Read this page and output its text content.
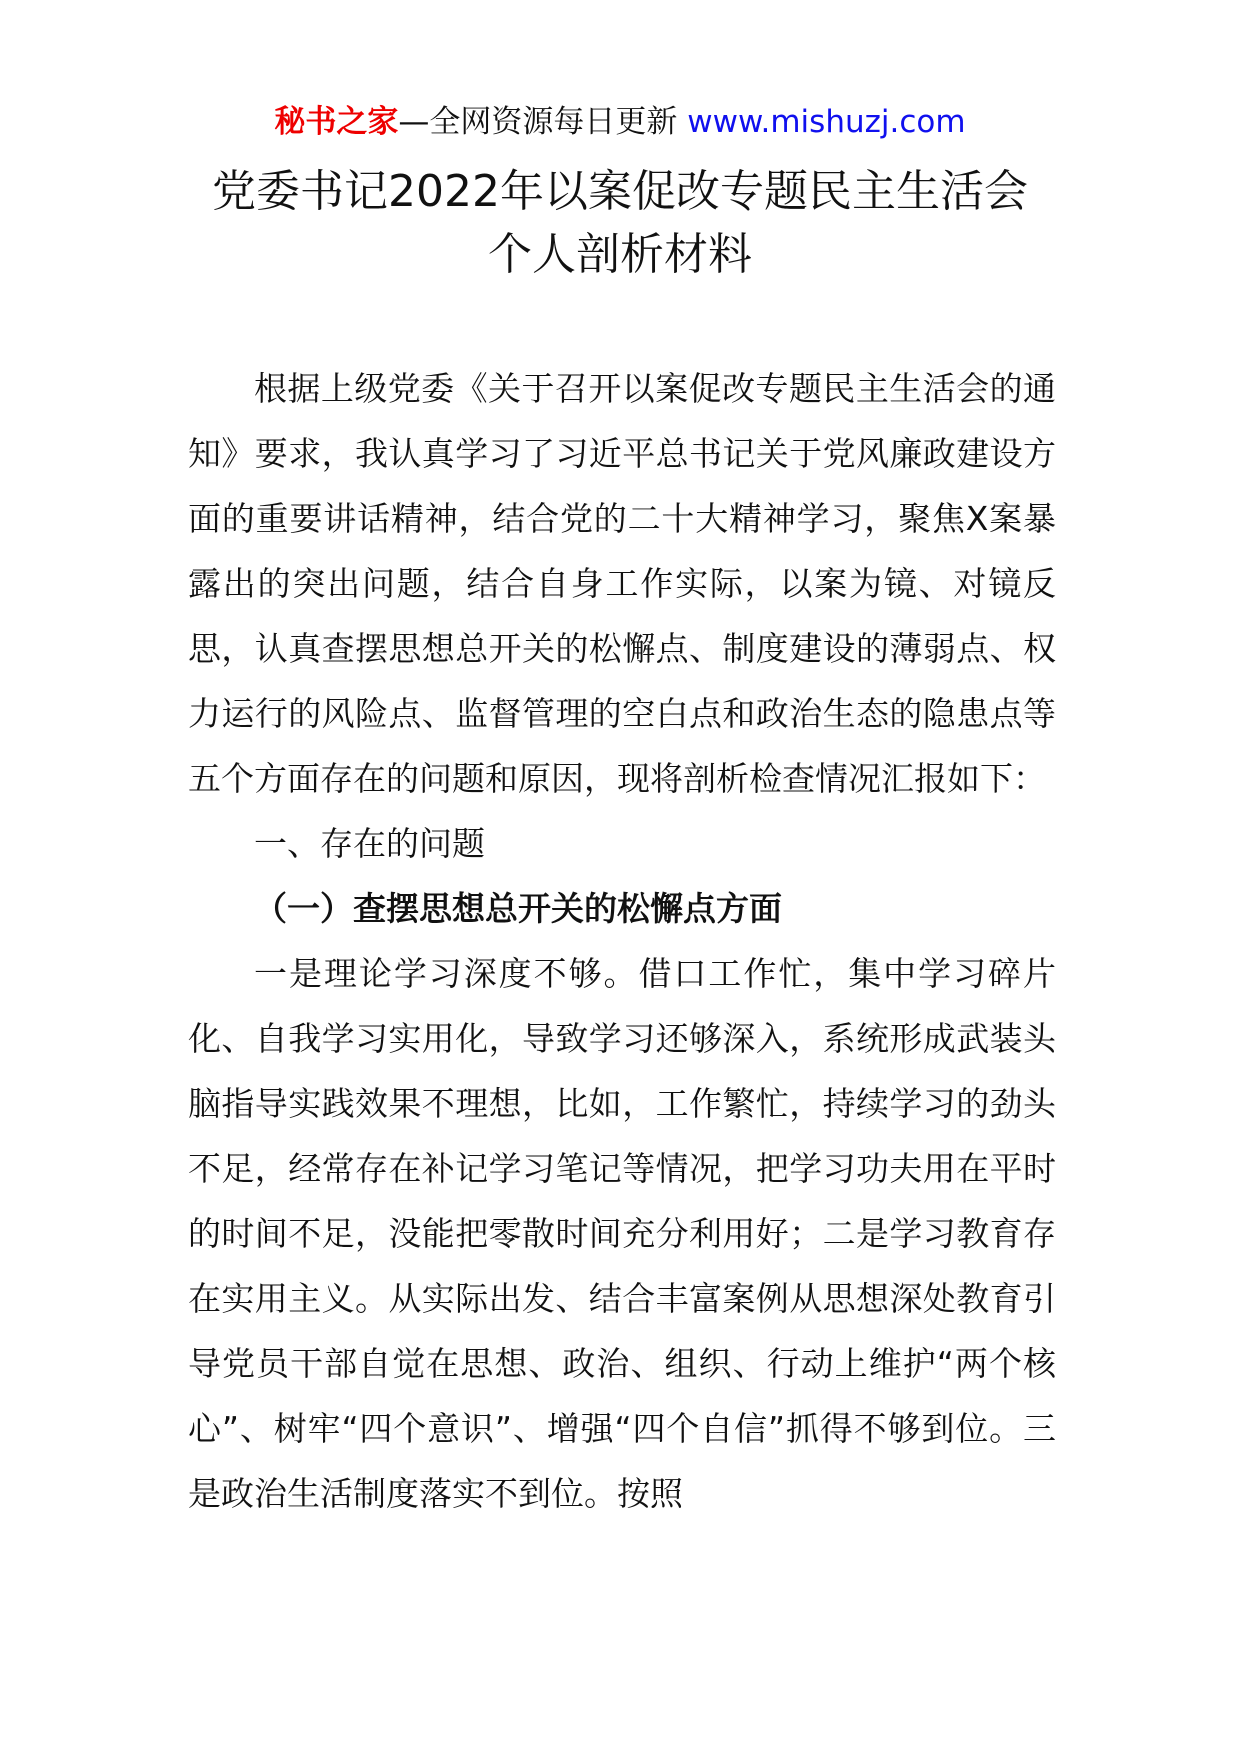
秘书之家—全网资源每日更新 www.mishuzj.com
党委书记2022年以案促改专题民主生活会
个人剖析材料

根据上级党委《关于召开以案促改专题民主生活会的通知》要求，我认真学习了习近平总书记关于党风廉政建设方面的重要讲话精神，结合党的二十大精神学习，聚焦X案暴露出的突出问题，结合自身工作实际，以案为镜、对镜反思，认真查摆思想总开关的松懈点、制度建设的薄弱点、权力运行的风险点、监督管理的空白点和政治生态的隐患点等五个方面存在的问题和原因，现将剖析检查情况汇报如下：

一、存在的问题

（一）查摆思想总开关的松懈点方面

一是理论学习深度不够。借口工作忙，集中学习碎片化、自我学习实用化，导致学习还够深入，系统形成武装头脑指导实践效果不理想，比如，工作繁忙，持续学习的劲头不足，经常存在补记学习笔记等情况，把学习功夫用在平时的时间不足，没能把零散时间充分利用好；二是学习教育存在实用主义。从实际出发、结合丰富案例从思想深处教育引导党员干部自觉在思想、政治、组织、行动上维护“两个核心”、树牢“四个意识”、增强“四个自信”抓得不够到位。三是政治生活制度落实不到位。按照
